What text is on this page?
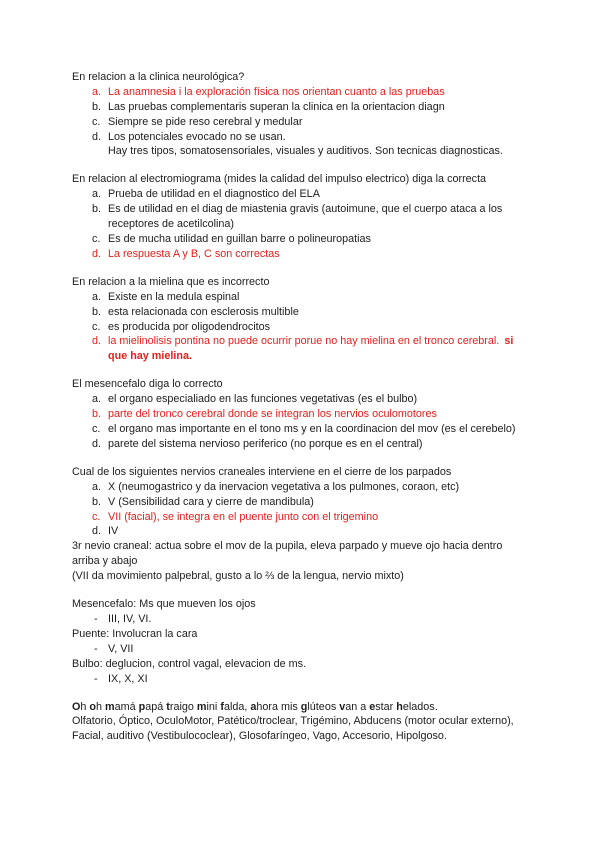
En relacion a la clinica neurológica?
a. La anamnesia i la exploración física nos orientan cuanto a las pruebas
b. Las pruebas complementaris superan la clinica en la orientacion diagn
c. Siempre se pide reso cerebral y medular
d. Los potenciales evocado no se usan.
Hay tres tipos, somatosensoriales, visuales y auditivos. Son tecnicas diagnosticas.
En relacion al electromiograma (mides la calidad del impulso electrico) diga la correcta
a. Prueba de utilidad en el diagnostico del ELA
b. Es de utilidad en el diag de miastenia gravis (autoimune, que el cuerpo ataca a los
receptores de acetilcolina)
c. Es de mucha utilidad en guillan barre o polineuropatias
d. La respuesta A y B, C son correctas
En relacion a la mielina que es incorrecto
a. Existe en la medula espinal
b. esta relacionada con esclerosis multible
c. es producida por oligodendrocitos
d. la mielinolisis pontina no puede ocurrir porue no hay mielina en el tronco cerebral. si
que hay mielina.
El mesencefalo diga lo correcto
a. el organo especialiado en las funciones vegetativas (es el bulbo)
b. parte del tronco cerebral donde se integran los nervios oculomotores
c. el organo mas importante en el tono ms y en la coordinacion del mov (es el cerebelo)
d. parete del sistema nervioso periferico (no porque es en el central)
Cual de los siguientes nervios craneales interviene en el cierre de los parpados
a. X (neumogastrico y da inervacion vegetativa a los pulmones, coraon, etc)
b. V (Sensibilidad cara y cierre de mandibula)
c. VII (facial), se integra en el puente junto con el trigemino
d. IV
3r nevio craneal: actua sobre el mov de la pupila, eleva parpado y mueve ojo hacia dentro
arriba y abajo
(VII da movimiento palpebral, gusto a lo ⅔ de la lengua, nervio mixto)
Mesencefalo: Ms que mueven los ojos
- III, IV, VI.
Puente: Involucran la cara
- V, VII
Bulbo: deglucion, control vagal, elevacion de ms.
- IX, X, XI
Oh oh mamá papá traigo mini falda, ahora mis glúteos van a estar helados.
Olfatorio, Óptico, OculoMotor, Patético/troclear, Trigémino, Abducens (motor ocular externo),
Facial, auditivo (Vestibulococlear), Glosofaríngeo, Vago, Accesorio, Hipolgoso.
